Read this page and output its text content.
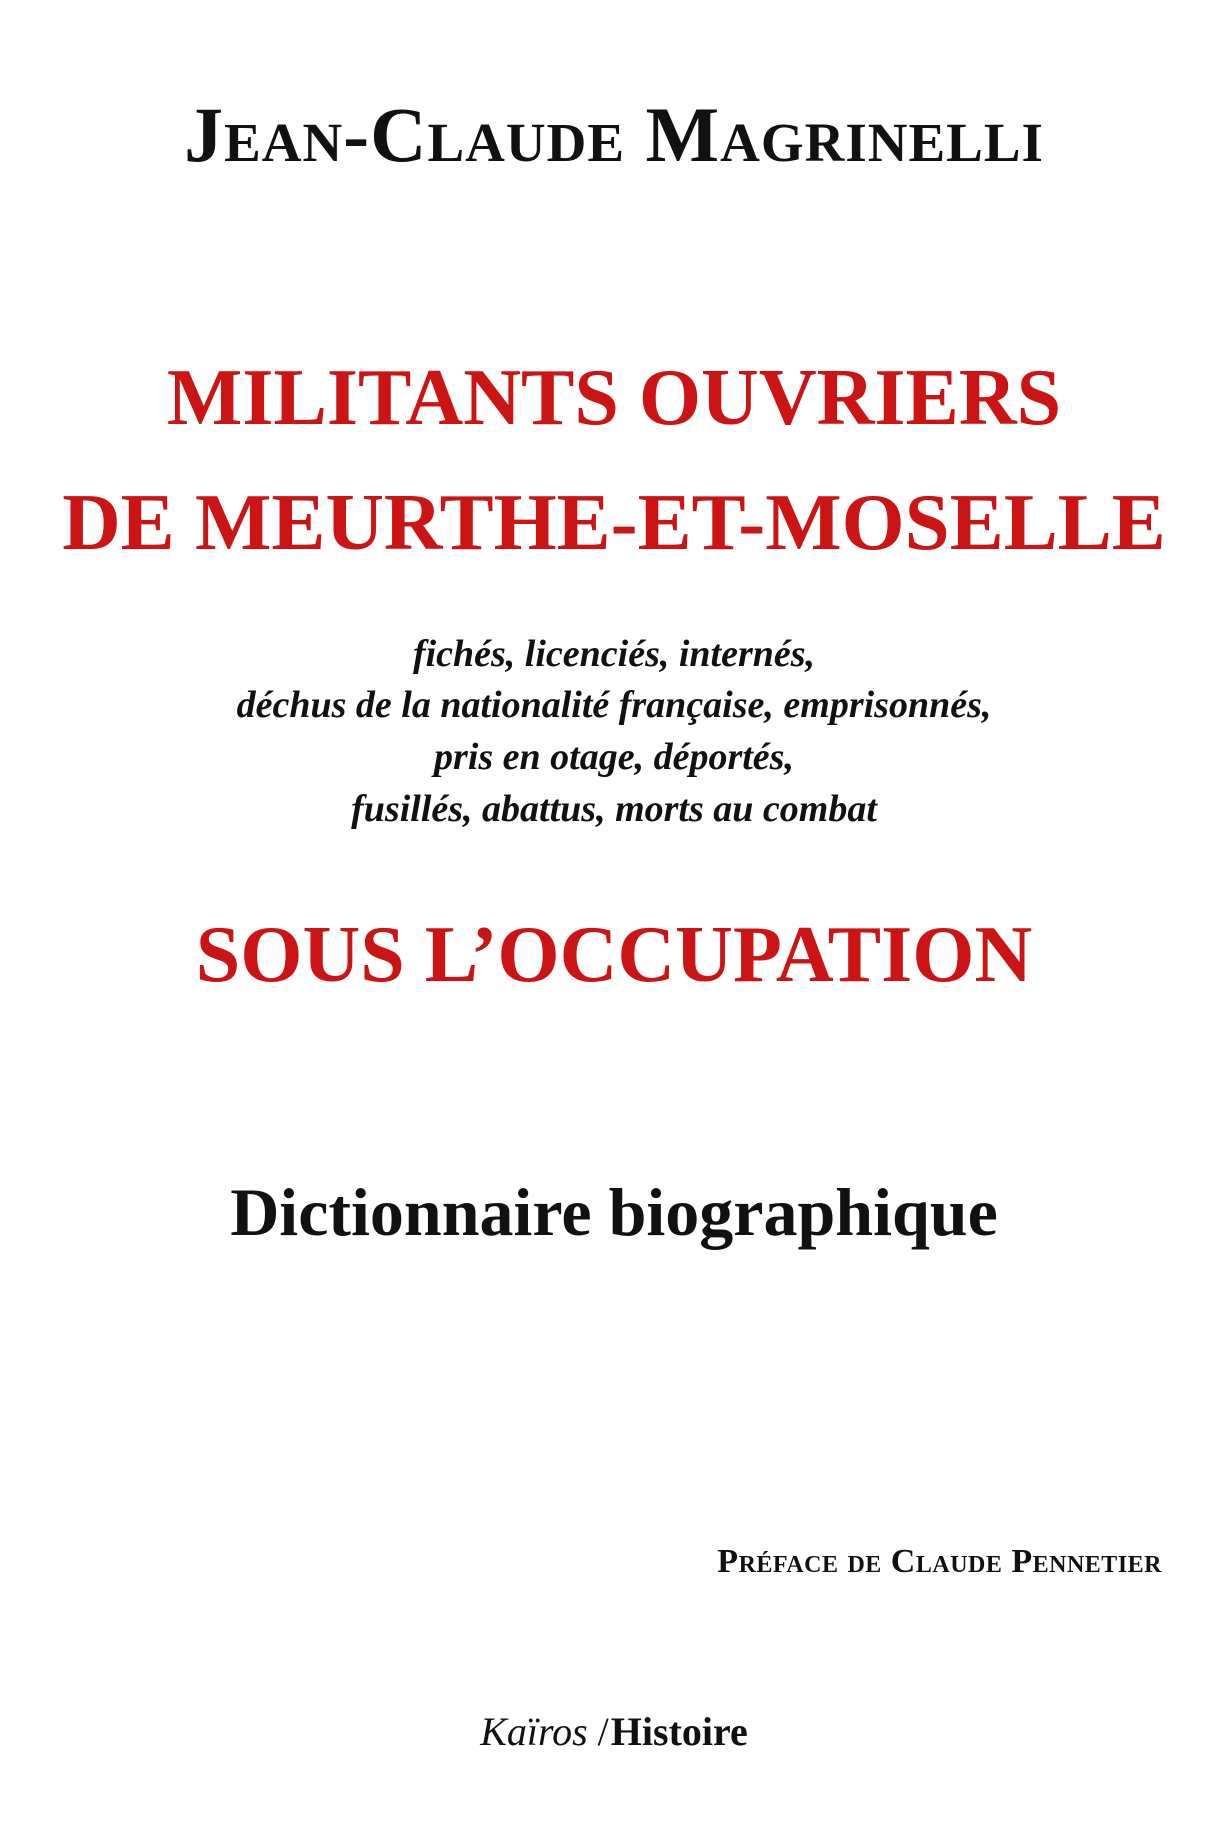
Jean-Claude Magrinelli
MILITANTS OUVRIERS
DE MEURTHE-ET-MOSELLE
fichés, licenciés, internés,
déchus de la nationalité française, emprisonnés,
pris en otage, déportés,
fusillés, abattus, morts au combat
SOUS L’OCCUPATION
Dictionnaire biographique
Préface de Claude Pennetier
Kaïros /Histoire
